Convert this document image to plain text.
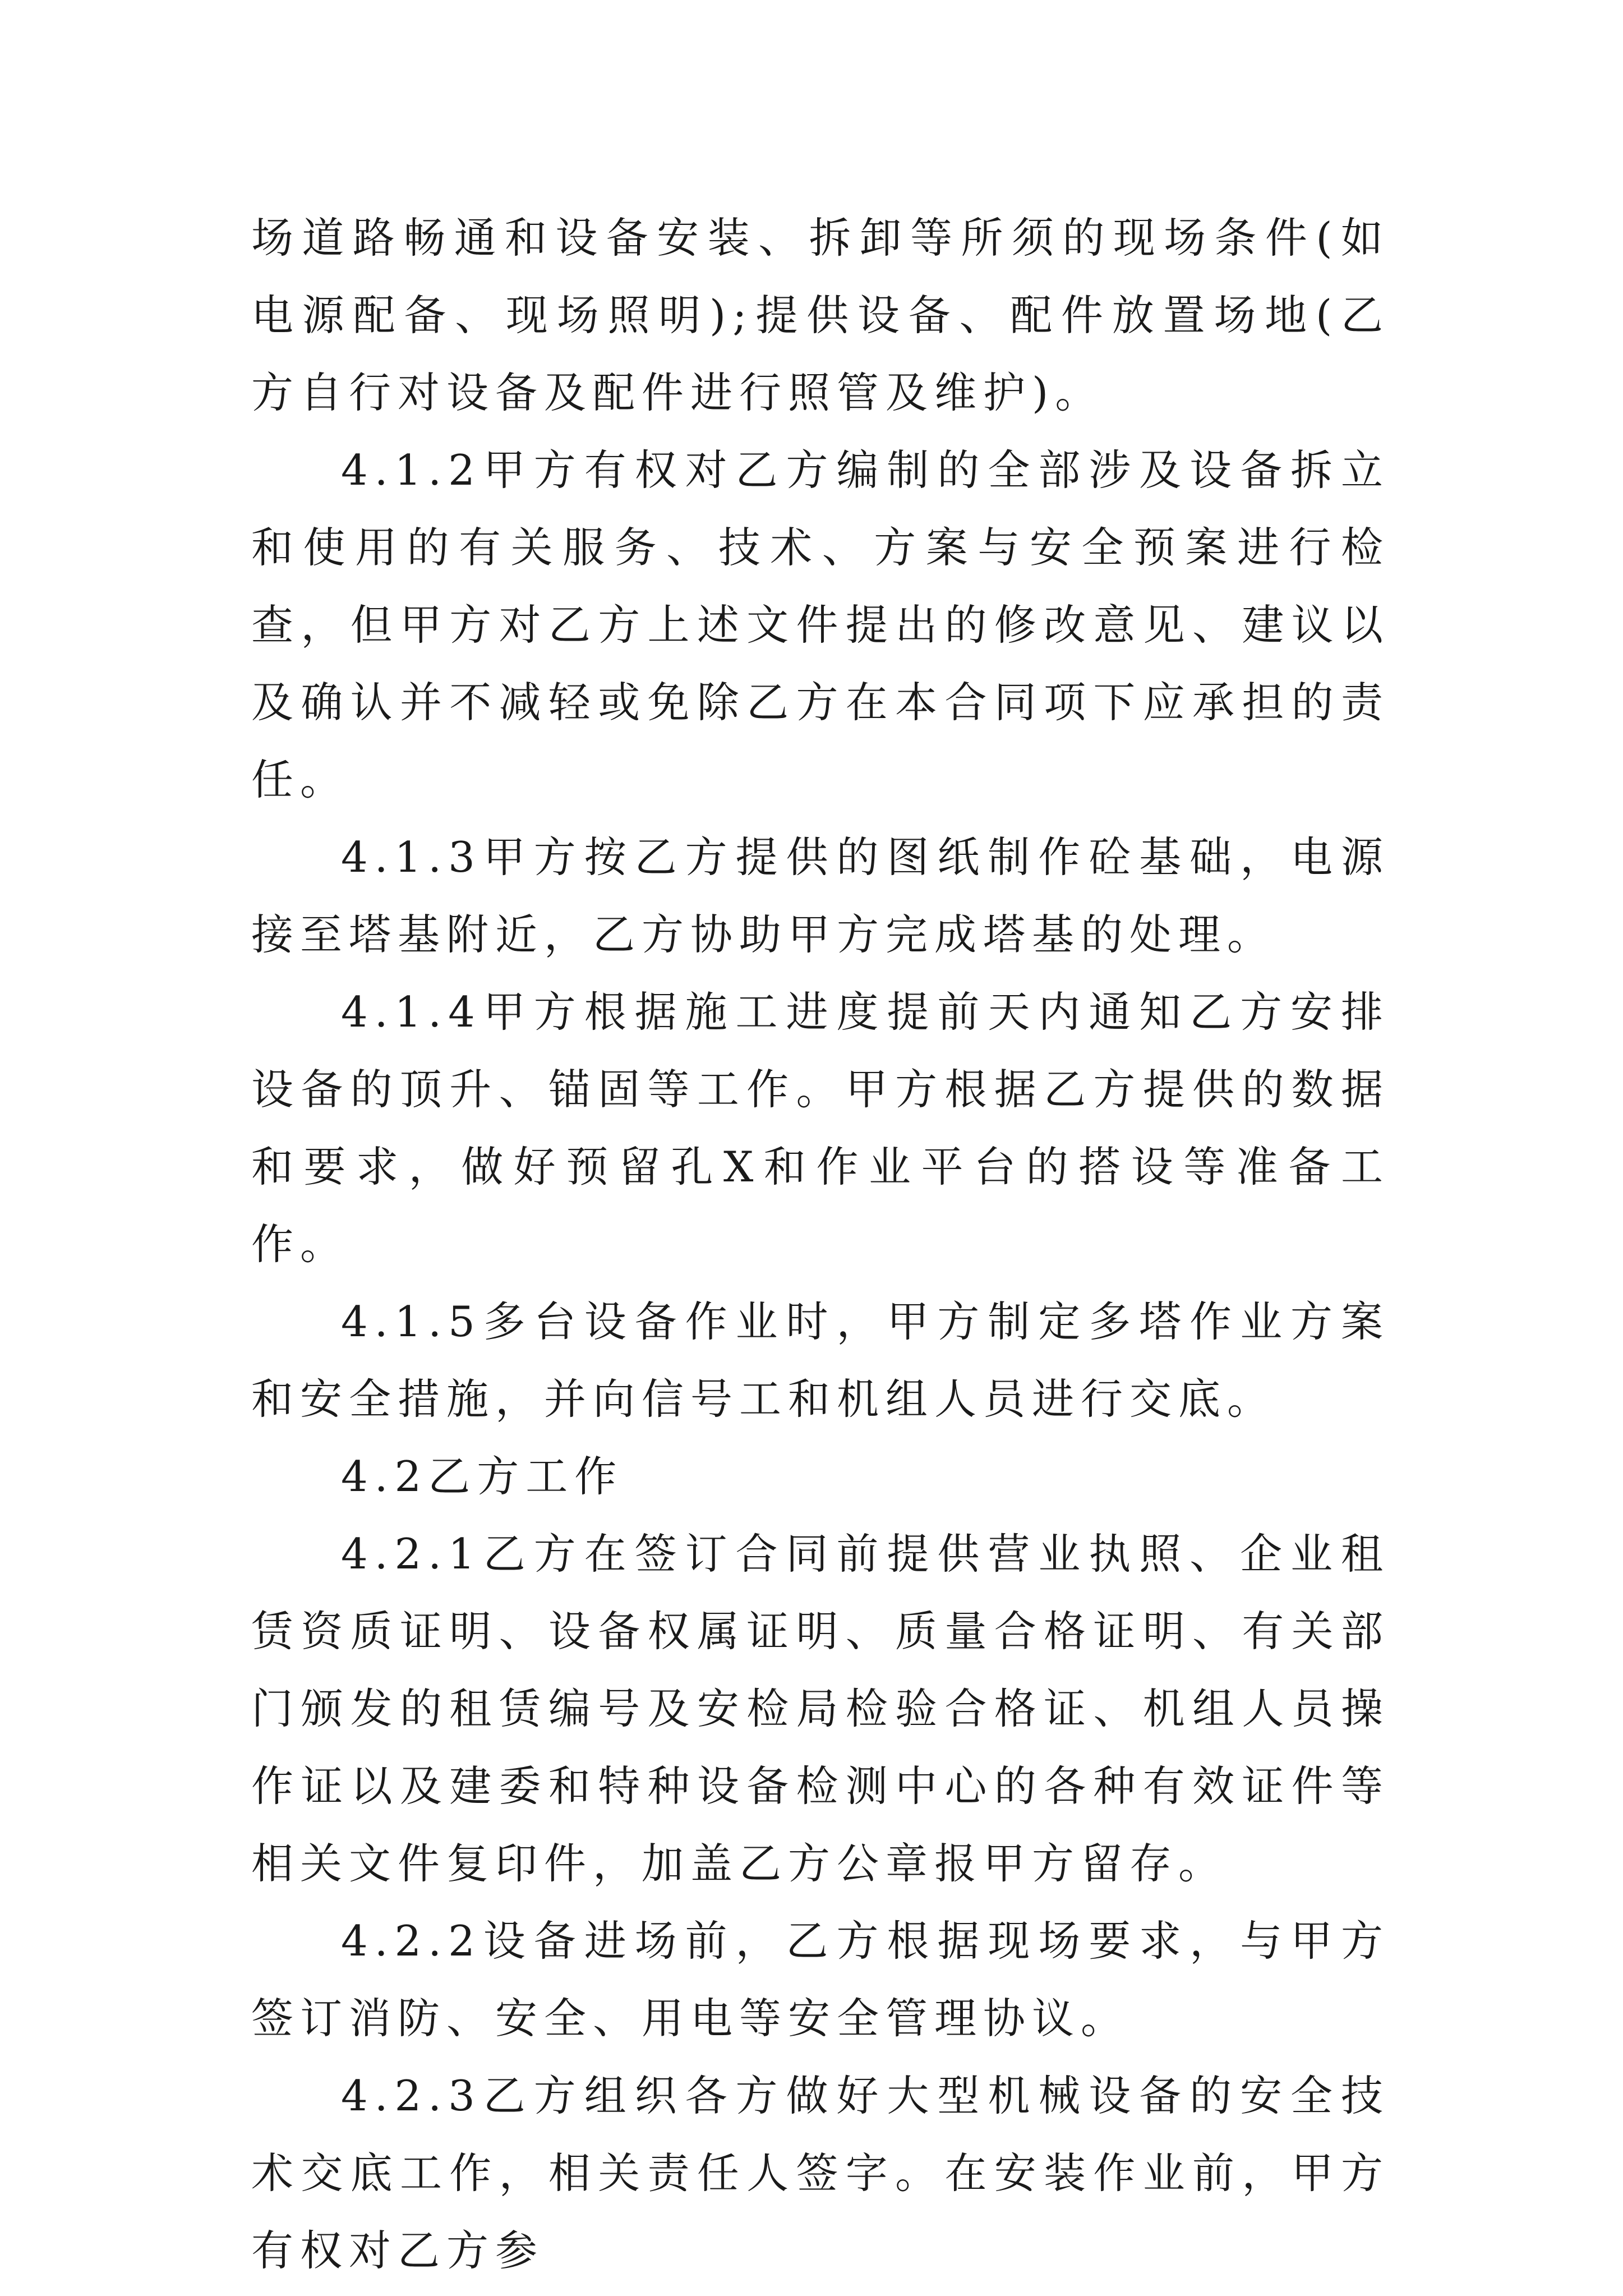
场道路畅通和设备安装、拆卸等所须的现场条件(如电源配备、现场照明);提供设备、配件放置场地(乙方自行对设备及配件进行照管及维护)。

4.1.2甲方有权对乙方编制的全部涉及设备拆立和使用的有关服务、技术、方案与安全预案进行检查，但甲方对乙方上述文件提出的修改意见、建议以及确认并不减轻或免除乙方在本合同项下应承担的责任。

4.1.3甲方按乙方提供的图纸制作砼基础，电源接至塔基附近，乙方协助甲方完成塔基的处理。

4.1.4甲方根据施工进度提前天内通知乙方安排设备的顶升、锚固等工作。甲方根据乙方提供的数据和要求，做好预留孔X和作业平台的搭设等准备工作。

4.1.5多台设备作业时，甲方制定多塔作业方案和安全措施，并向信号工和机组人员进行交底。

4.2乙方工作

4.2.1乙方在签订合同前提供营业执照、企业租赁资质证明、设备权属证明、质量合格证明、有关部门颁发的租赁编号及安检局检验合格证、机组人员操作证以及建委和特种设备检测中心的各种有效证件等相关文件复印件，加盖乙方公章报甲方留存。

4.2.2设备进场前，乙方根据现场要求，与甲方签订消防、安全、用电等安全管理协议。

4.2.3乙方组织各方做好大型机械设备的安全技术交底工作，相关责任人签字。在安装作业前，甲方有权对乙方参
